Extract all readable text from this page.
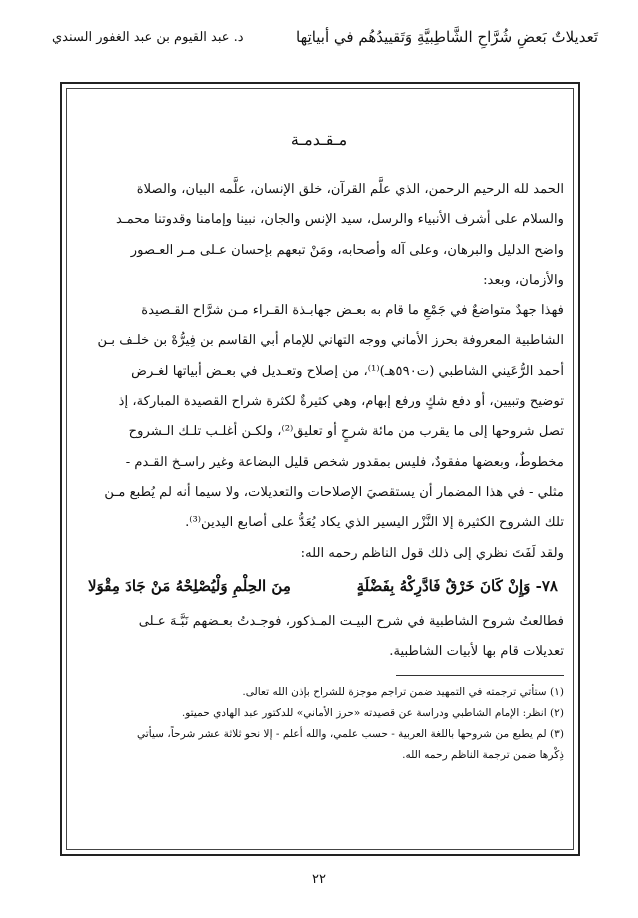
تَعديلاتٌ بَعضِ شُرَّاحِ الشَّاطِبيَّةِ وَتَقييدُهُم في أبياتِها
د. عبد القيوم بن عبد الغفور السندي
مـقـدمـة
الحمد لله الرحيم الرحمن، الذي علَّم القرآن، خلق الإنسان، علَّمه البيان، والصلاة
والسلام على أشرف الأنبياء والرسل، سيد الإنس والجان، نبينا وإمامنا وقدوتنا محمـد
واضح الدليل والبرهان، وعلى آله وأصحابه، ومَنْ تبعهم بإحسان عـلى مـر العـصور
والأزمان، وبعد:
فهذا جهدٌ متواضعٌ في جَمْعِ ما قام به بعـض جهابـذة القـراء مـن شرَّاح القـصيدة
الشاطبية المعروفة بحرز الأماني ووجه التهاني للإمام أبي القاسم بن فِيرُّهْ بن خلـف بـن
أحمد الرُّعَيني الشاطبي (ت٥٩٠هـ)⁽¹⁾، من إصلاح وتعـديل في بعـض أبياتها لغـرض
توضيح وتبيين، أو دفع شكٍ ورفع إبهام، وهي كثيرةٌ لكثرة شراح القصيدة المباركة، إذ
تصل شروحها إلى ما يقرب من مائة شرحٍ أو تعليق⁽²⁾، ولكـن أغلـب تلـك الـشروح
مخطوطٌ، وبعضها مفقودٌ، فليس بمقدور شخص قليل البضاعة وغير راسـخ القـدم -
مثلي - في هذا المضمار أن يستقصيَ الإصلاحات والتعديلات، ولا سيما أنه لم يُطبع مـن
تلك الشروح الكثيرة إلا النَّزْر اليسير الذي يكاد يُعَدُّ على أصابع اليدين⁽³⁾.
ولقد لَفَتَ نظري إلى ذلك قول الناظم رحمه الله:
٧٨- وَإِنْ كَانَ خَرْقٌ فَادَّرِكْهُ بِفَضْلَةٍ
مِنَ الحِلْمِ وَلْيُصْلِحْهُ مَنْ جَادَ مِقْوَلا
فطالعتُ شروح الشاطبية في شرح البيـت المـذكور، فوجـدتُ بعـضهم نَبَّـهَ عـلى
تعديلات قام بها لأبيات الشاطبية.
(١) ستأتي ترجمته في التمهيد ضمن تراجم موجزة للشراح بإذن الله تعالى.
(٢) انظر: الإمام الشاطبي ودراسة عن قصيدته «حرز الأماني» للدكتور عبد الهادي حميتو.
(٣) لم يطبع من شروحها باللغة العربية - حسب علمي، والله أعلم - إلا نحو ثلاثة عشر شرحاً، سيأتي
ذِكْرها ضمن ترجمة الناظم رحمه الله.
٢٢
